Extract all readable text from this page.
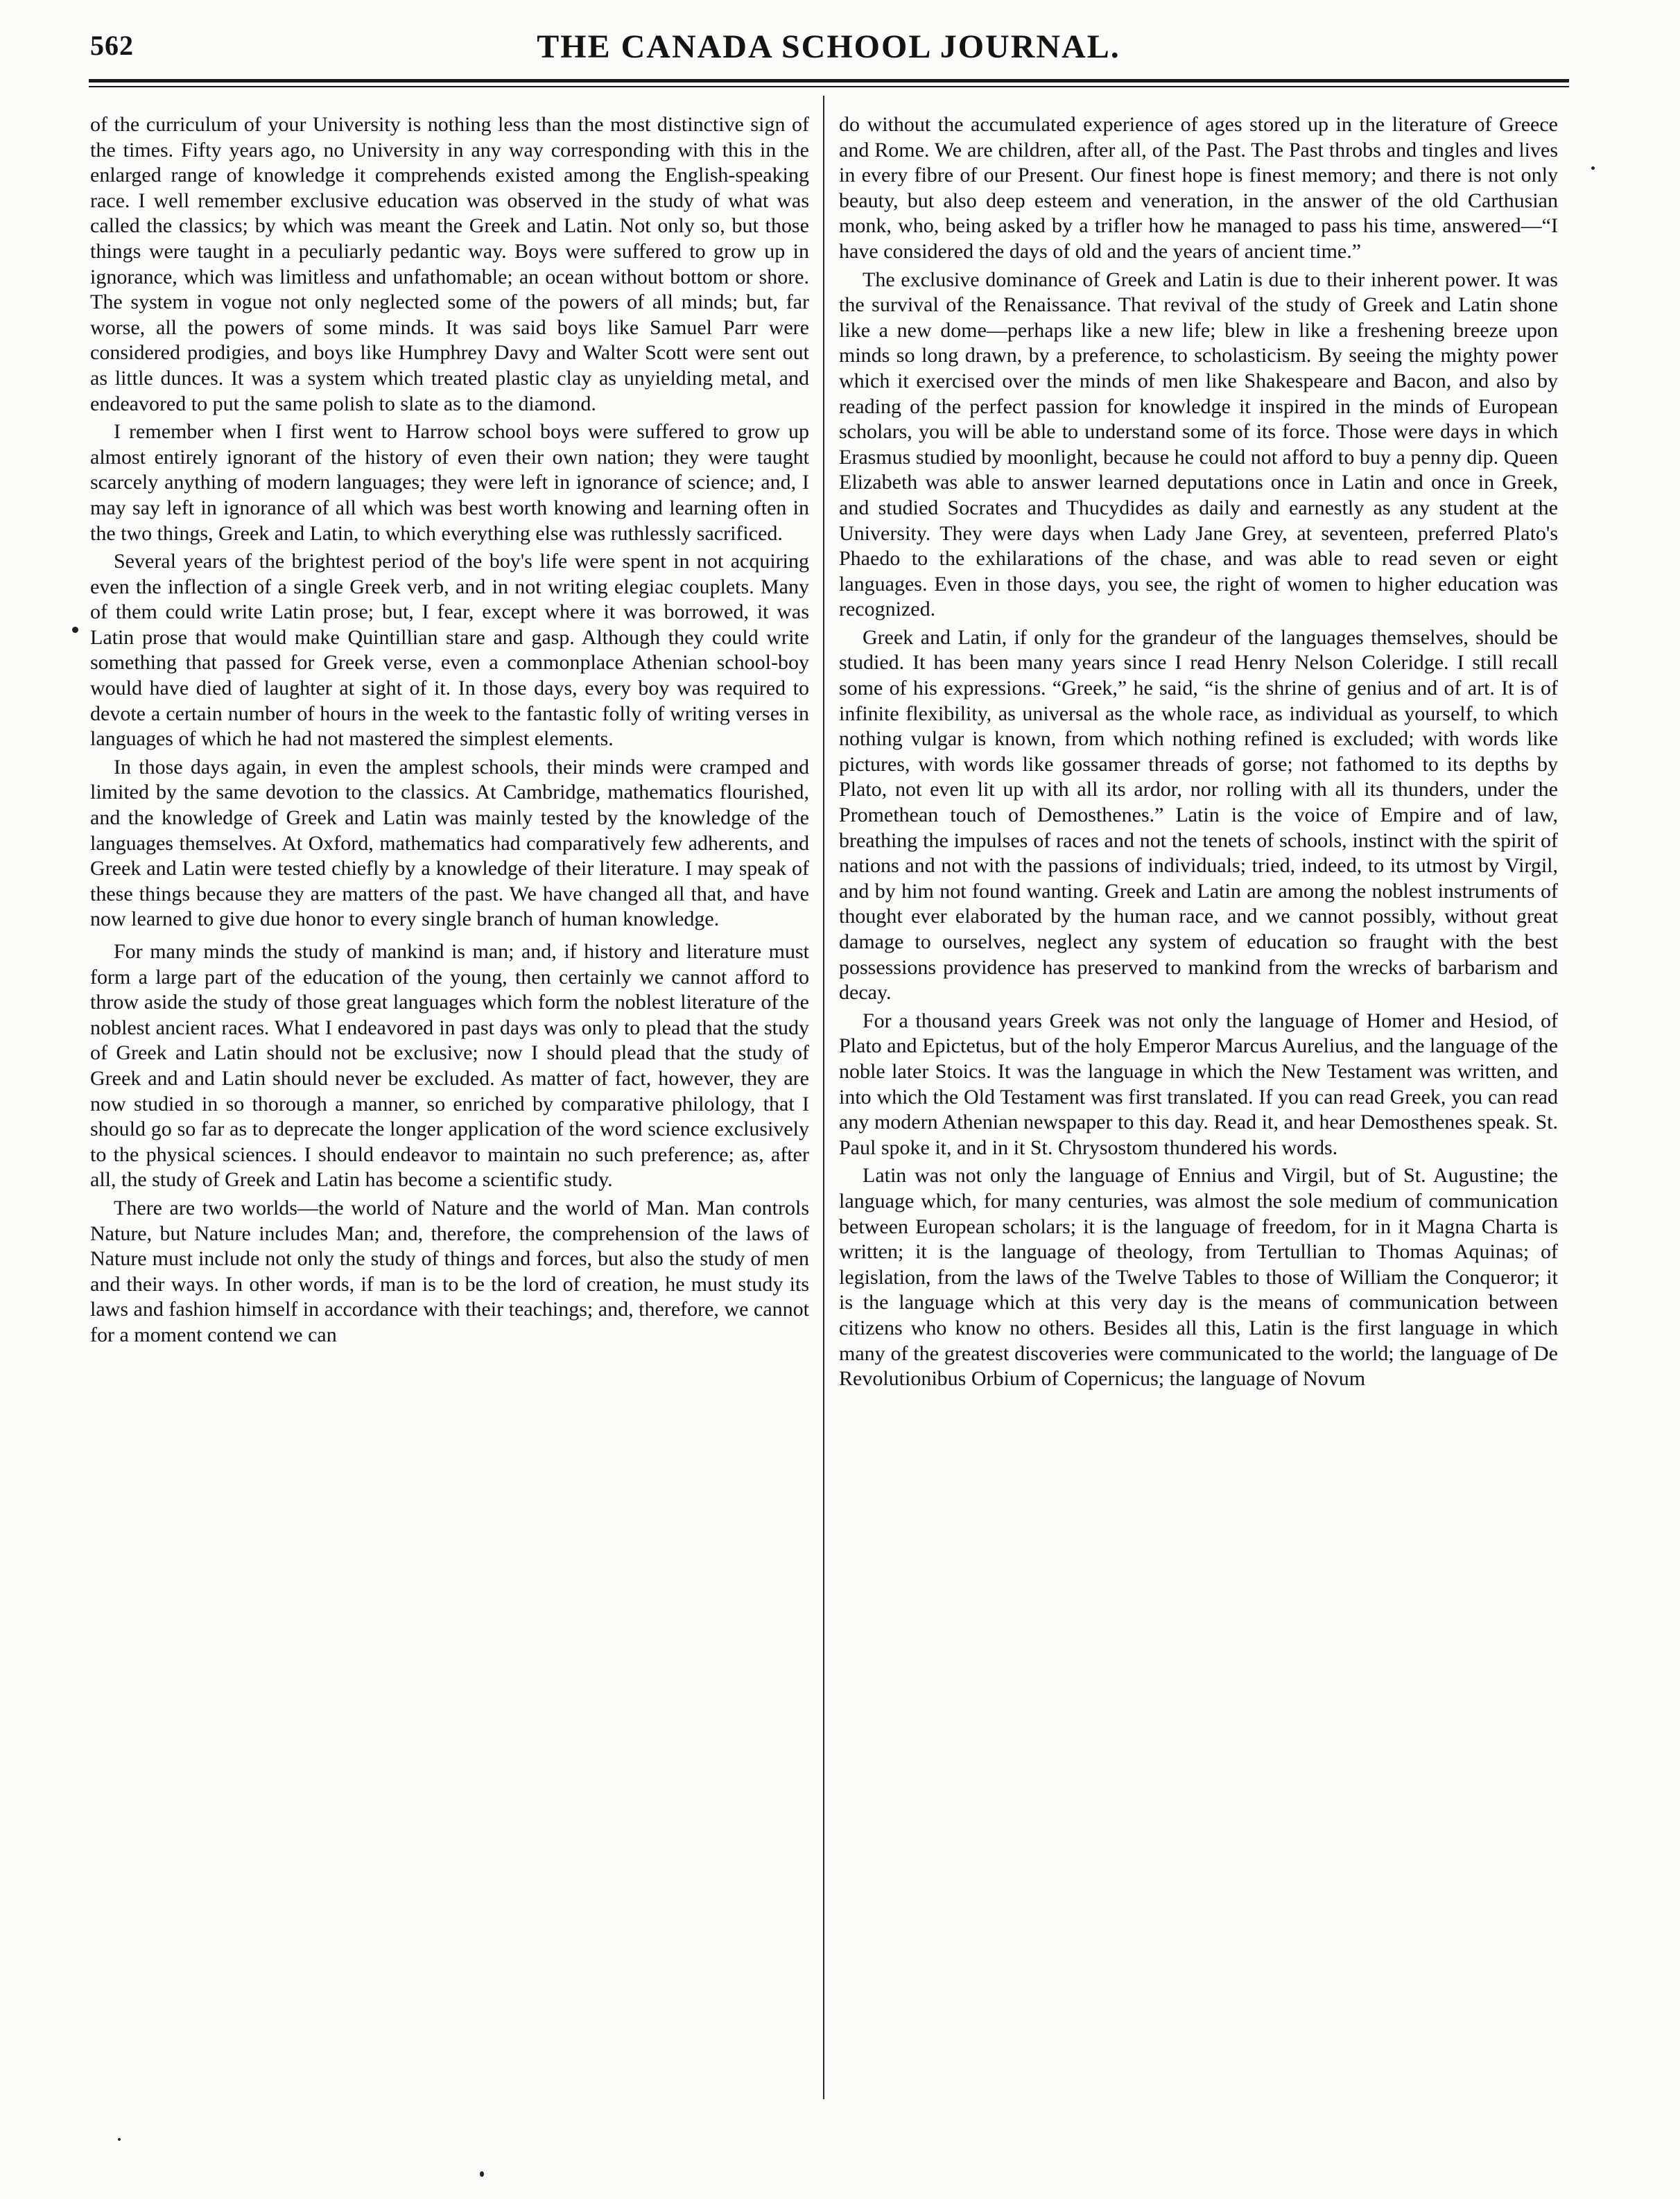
562	THE CANADA SCHOOL JOURNAL.

of the curriculum of your University is nothing less than the most distinctive sign of the times. Fifty years ago, no University in any way corresponding with this in the enlarged range of knowledge it comprehends existed among the English-speaking race. I well remember exclusive education was observed in the study of what was called the classics; by which was meant the Greek and Latin. Not only so, but those things were taught in a peculiarly pedantic way. Boys were suffered to grow up in ignorance, which was limitless and unfathomable; an ocean without bottom or shore. The system in vogue not only neglected some of the powers of all minds; but, far worse, all the powers of some minds. It was said boys like Samuel Parr were considered prodigies, and boys like Humphrey Davy and Walter Scott were sent out as little dunces. It was a system which treated plastic clay as unyielding metal, and endeavored to put the same polish to slate as to the diamond.

I remember when I first went to Harrow school boys were suffered to grow up almost entirely ignorant of the history of even their own nation; they were taught scarcely anything of modern languages; they were left in ignorance of science; and, I may say left in ignorance of all which was best worth knowing and learning often in the two things, Greek and Latin, to which everything else was ruthlessly sacrificed.

Several years of the brightest period of the boy's life were spent in not acquiring even the inflection of a single Greek verb, and in not writing elegiac couplets. Many of them could write Latin prose; but, I fear, except where it was borrowed, it was Latin prose that would make Quintillian stare and gasp. Although they could write something that passed for Greek verse, even a commonplace Athenian school-boy would have died of laughter at sight of it. In those days, every boy was required to devote a certain number of hours in the week to the fantastic folly of writing verses in languages of which he had not mastered the simplest elements.

In those days again, in even the amplest schools, their minds were cramped and limited by the same devotion to the classics. At Cambridge, mathematics flourished, and the knowledge of Greek and Latin was mainly tested by the knowledge of the languages themselves. At Oxford, mathematics had comparatively few adherents, and Greek and Latin were tested chiefly by a knowledge of their literature. I may speak of these things because they are matters of the past. We have changed all that, and have now learned to give due honor to every single branch of human knowledge.

For many minds the study of mankind is man; and, if history and literature must form a large part of the education of the young, then certainly we cannot afford to throw aside the study of those great languages which form the noblest literature of the noblest ancient races. What I endeavored in past days was only to plead that the study of Greek and Latin should not be exclusive; now I should plead that the study of Greek and and Latin should never be excluded. As matter of fact, however, they are now studied in so thorough a manner, so enriched by comparative philology, that I should go so far as to deprecate the longer application of the word science exclusively to the physical sciences. I should endeavor to maintain no such preference; as, after all, the study of Greek and Latin has become a scientific study.

There are two worlds—the world of Nature and the world of Man. Man controls Nature, but Nature includes Man; and, therefore, the comprehension of the laws of Nature must include not only the study of things and forces, but also the study of men and their ways. In other words, if man is to be the lord of creation, he must study its laws and fashion himself in accordance with their teachings; and, therefore, we cannot for a moment contend we can

do without the accumulated experience of ages stored up in the literature of Greece and Rome. We are children, after all, of the Past. The Past throbs and tingles and lives in every fibre of our Present. Our finest hope is finest memory; and there is not only beauty, but also deep esteem and veneration, in the answer of the old Carthusian monk, who, being asked by a trifler how he managed to pass his time, answered—“I have considered the days of old and the years of ancient time.”

The exclusive dominance of Greek and Latin is due to their inherent power. It was the survival of the Renaissance. That revival of the study of Greek and Latin shone like a new dome—perhaps like a new life; blew in like a freshening breeze upon minds so long drawn, by a preference, to scholasticism. By seeing the mighty power which it exercised over the minds of men like Shakespeare and Bacon, and also by reading of the perfect passion for knowledge it inspired in the minds of European scholars, you will be able to understand some of its force. Those were days in which Erasmus studied by moonlight, because he could not afford to buy a penny dip. Queen Elizabeth was able to answer learned deputations once in Latin and once in Greek, and studied Socrates and Thucydides as daily and earnestly as any student at the University. They were days when Lady Jane Grey, at seventeen, preferred Plato's Phaedo to the exhilarations of the chase, and was able to read seven or eight languages. Even in those days, you see, the right of women to higher education was recognized.

Greek and Latin, if only for the grandeur of the languages themselves, should be studied. It has been many years since I read Henry Nelson Coleridge. I still recall some of his expressions. “Greek,” he said, “is the shrine of genius and of art. It is of infinite flexibility, as universal as the whole race, as individual as yourself, to which nothing vulgar is known, from which nothing refined is excluded; with words like pictures, with words like gossamer threads of gorse; not fathomed to its depths by Plato, not even lit up with all its ardor, nor rolling with all its thunders, under the Promethean touch of Demosthenes.” Latin is the voice of Empire and of law, breathing the impulses of races and not the tenets of schools, instinct with the spirit of nations and not with the passions of individuals; tried, indeed, to its utmost by Virgil, and by him not found wanting. Greek and Latin are among the noblest instruments of thought ever elaborated by the human race, and we cannot possibly, without great damage to ourselves, neglect any system of education so fraught with the best possessions providence has preserved to mankind from the wrecks of barbarism and decay.

For a thousand years Greek was not only the language of Homer and Hesiod, of Plato and Epictetus, but of the holy Emperor Marcus Aurelius, and the language of the noble later Stoics. It was the language in which the New Testament was written, and into which the Old Testament was first translated. If you can read Greek, you can read any modern Athenian newspaper to this day. Read it, and hear Demosthenes speak. St. Paul spoke it, and in it St. Chrysostom thundered his words.

Latin was not only the language of Ennius and Virgil, but of St. Augustine; the language which, for many centuries, was almost the sole medium of communication between European scholars; it is the language of freedom, for in it Magna Charta is written; it is the language of theology, from Tertullian to Thomas Aquinas; of legislation, from the laws of the Twelve Tables to those of William the Conqueror; it is the language which at this very day is the means of communication between citizens who know no others. Besides all this, Latin is the first language in which many of the greatest discoveries were communicated to the world; the language of De Revolutionibus Orbium of Copernicus; the language of Novum
